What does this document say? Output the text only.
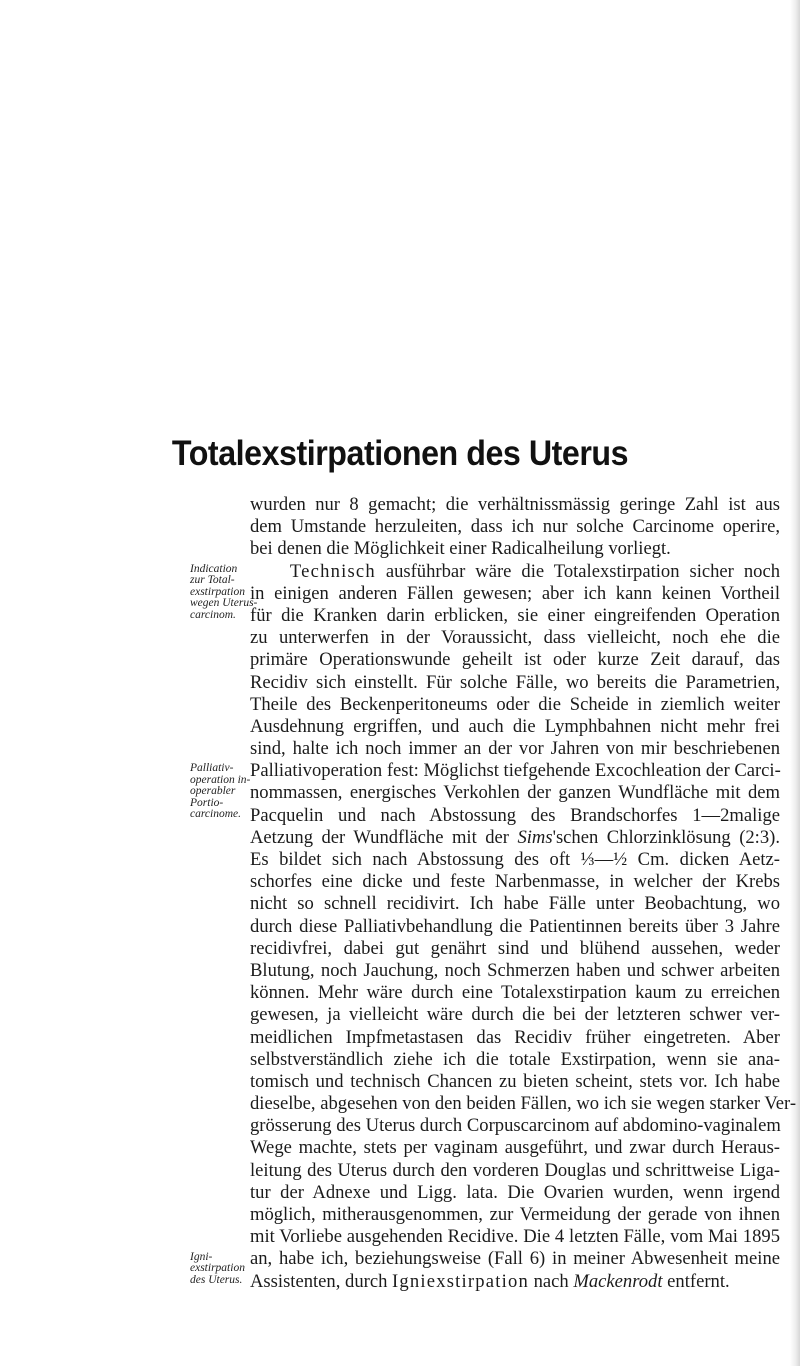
Totalexstirpationen des Uterus
wurden nur 8 gemacht; die verhältnissmässig geringe Zahl ist aus
dem Umstande herzuleiten, dass ich nur solche Carcinome operire,
bei denen die Möglichkeit einer Radicalheilung vorliegt.
Technisch ausführbar wäre die Totalexstirpation sicher noch
in einigen anderen Fällen gewesen; aber ich kann keinen Vortheil
für die Kranken darin erblicken, sie einer eingreifenden Operation
zu unterwerfen in der Voraussicht, dass vielleicht, noch ehe die
primäre Operationswunde geheilt ist oder kurze Zeit darauf, das
Recidiv sich einstellt. Für solche Fälle, wo bereits die Parametrien,
Theile des Beckenperitoneums oder die Scheide in ziemlich weiter
Ausdehnung ergriffen, und auch die Lymphbahnen nicht mehr frei
sind, halte ich noch immer an der vor Jahren von mir beschriebenen
Palliativoperation fest: Möglichst tiefgehende Excochleation der Carci-
nommassen, energisches Verkohlen der ganzen Wundfläche mit dem
Pacquelin und nach Abstossung des Brandschorfes 1—2malige
Aetzung der Wundfläche mit der Sims'schen Chlorzinklösung (2:3).
Es bildet sich nach Abstossung des oft ⅓—½ Cm. dicken Aetz-
schorfes eine dicke und feste Narbenmasse, in welcher der Krebs
nicht so schnell recidivirt. Ich habe Fälle unter Beobachtung, wo
durch diese Palliativbehandlung die Patientinnen bereits über 3 Jahre
recidivfrei, dabei gut genährt sind und blühend aussehen, weder
Blutung, noch Jauchung, noch Schmerzen haben und schwer arbeiten
können. Mehr wäre durch eine Totalexstirpation kaum zu erreichen
gewesen, ja vielleicht wäre durch die bei der letzteren schwer ver-
meidlichen Impfmetastasen das Recidiv früher eingetreten. Aber
selbstverständlich ziehe ich die totale Exstirpation, wenn sie ana-
tomisch und technisch Chancen zu bieten scheint, stets vor. Ich habe
dieselbe, abgesehen von den beiden Fällen, wo ich sie wegen starker Ver-
grösserung des Uterus durch Corpuscarcinom auf abdomino-vaginalem
Wege machte, stets per vaginam ausgeführt, und zwar durch Heraus-
leitung des Uterus durch den vorderen Douglas und schrittweise Liga-
tur der Adnexe und Ligg. lata. Die Ovarien wurden, wenn irgend
möglich, mitherausgenommen, zur Vermeidung der gerade von ihnen
mit Vorliebe ausgehenden Recidive. Die 4 letzten Fälle, vom Mai 1895
an, habe ich, beziehungsweise (Fall 6) in meiner Abwesenheit meine
Assistenten, durch Igniexstirpation nach Mackenrodt entfernt.
Indication
zur Total-
exstirpation
wegen Uterus-
carcinom.
Palliativ-
operation in-
operabler
Portio-
carcinome.
Igni-
exstirpation
des Uterus.
